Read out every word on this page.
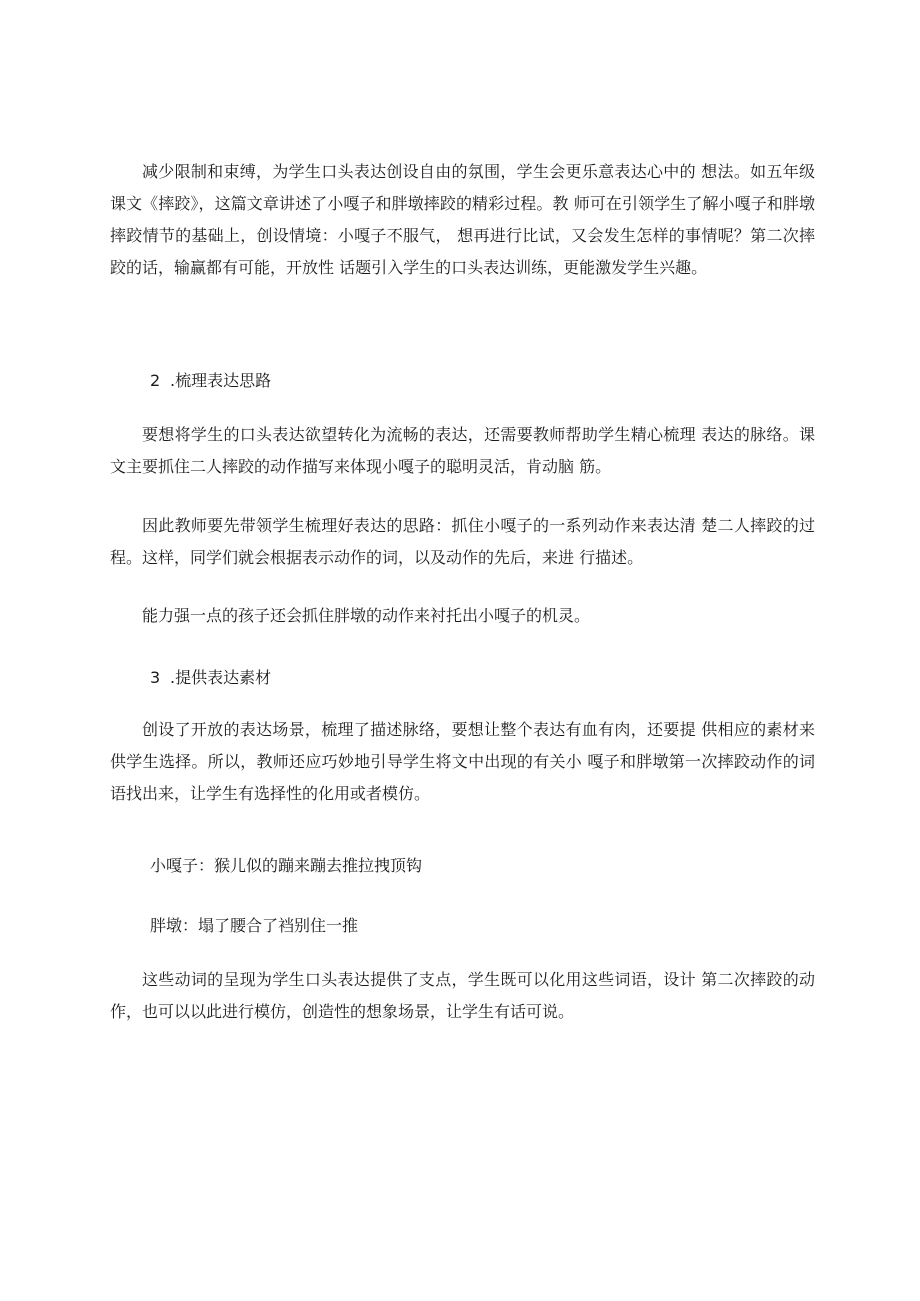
减少限制和束缚，为学生口头表达创设自由的氛围，学生会更乐意表达心中的 想法。如五年级课文《摔跤》，这篇文章讲述了小嘎子和胖墩摔跤的精彩过程。教 师可在引领学生了解小嘎子和胖墩摔跤情节的基础上，创设情境：小嘎子不服气， 想再进行比试，又会发生怎样的事情呢？第二次摔跤的话，输赢都有可能，开放性 话题引入学生的口头表达训练，更能激发学生兴趣。

2 .梳理表达思路

要想将学生的口头表达欲望转化为流畅的表达，还需要教师帮助学生精心梳理 表达的脉络。课文主要抓住二人摔跤的动作描写来体现小嘎子的聪明灵活，肯动脑 筋。

因此教师要先带领学生梳理好表达的思路：抓住小嘎子的一系列动作来表达清 楚二人摔跤的过程。这样，同学们就会根据表示动作的词，以及动作的先后，来进 行描述。

能力强一点的孩子还会抓住胖墩的动作来衬托出小嘎子的机灵。

3 .提供表达素材

创设了开放的表达场景，梳理了描述脉络，要想让整个表达有血有肉，还要提 供相应的素材来供学生选择。所以，教师还应巧妙地引导学生将文中出现的有关小 嘎子和胖墩第一次摔跤动作的词语找出来，让学生有选择性的化用或者模仿。

小嘎子：猴儿似的蹦来蹦去推拉拽顶钩

胖墩：塌了腰合了裆别住一推

这些动词的呈现为学生口头表达提供了支点，学生既可以化用这些词语，设计 第二次摔跤的动作，也可以以此进行模仿，创造性的想象场景，让学生有话可说。
